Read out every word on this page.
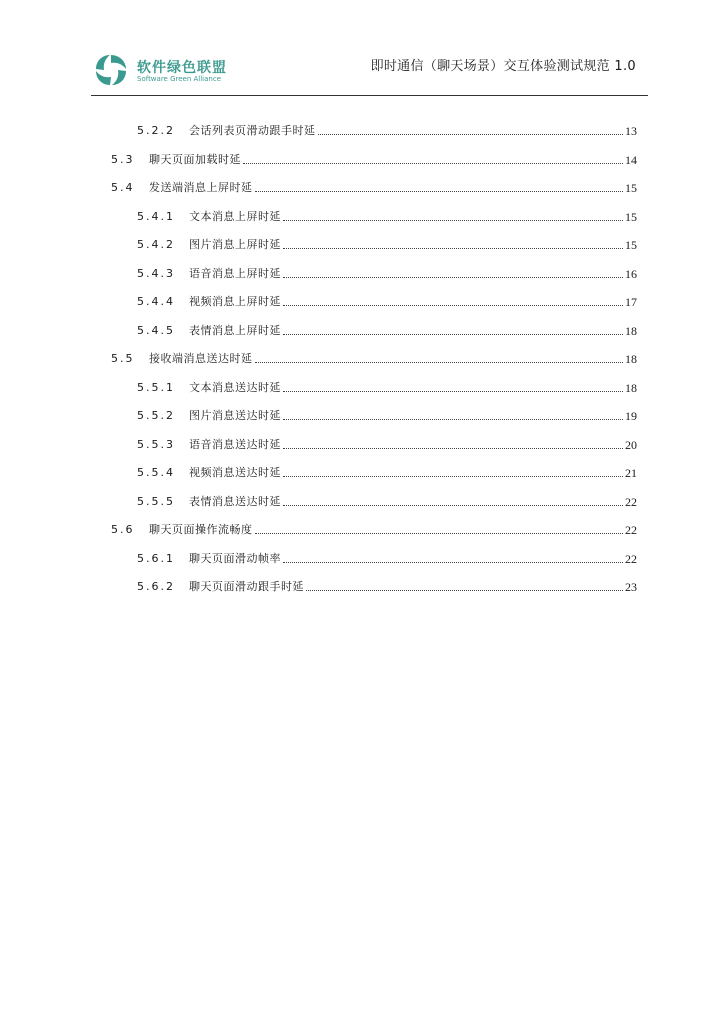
软件绿色联盟
Software Green Alliance
即时通信（聊天场景）交互体验测试规范 1.0
5.2.2	会话列表页滑动跟手时延	13
5.3	聊天页面加载时延	14
5.4	发送端消息上屏时延	15
5.4.1	文本消息上屏时延	15
5.4.2	图片消息上屏时延	15
5.4.3	语音消息上屏时延	16
5.4.4	视频消息上屏时延	17
5.4.5	表情消息上屏时延	18
5.5	接收端消息送达时延	18
5.5.1	文本消息送达时延	18
5.5.2	图片消息送达时延	19
5.5.3	语音消息送达时延	20
5.5.4	视频消息送达时延	21
5.5.5	表情消息送达时延	22
5.6	聊天页面操作流畅度	22
5.6.1	聊天页面滑动帧率	22
5.6.2	聊天页面滑动跟手时延	23
